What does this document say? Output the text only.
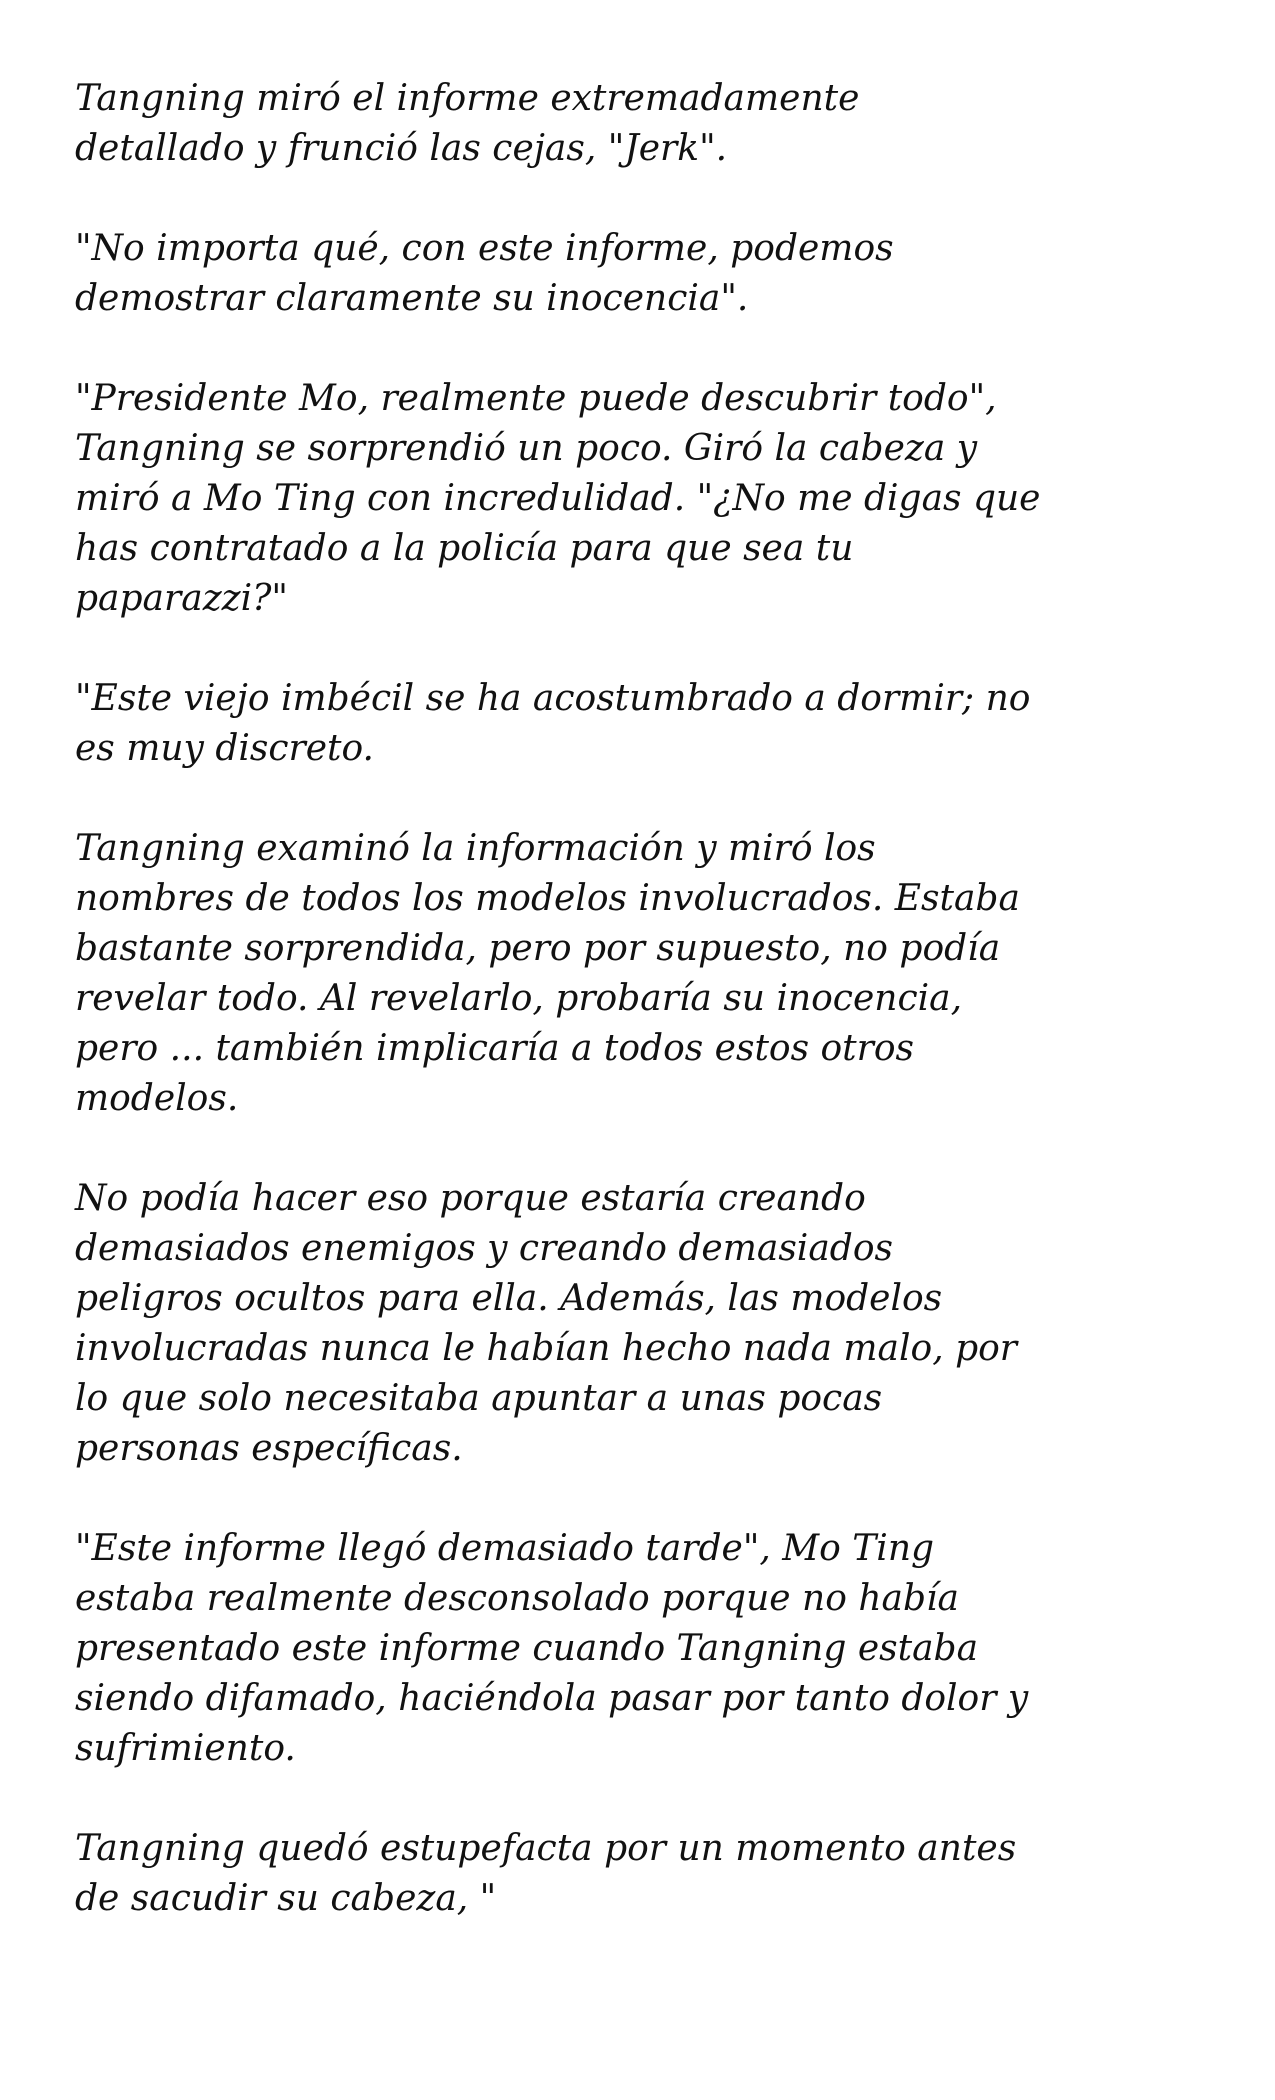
Tangning miró el informe extremadamente
detallado y frunció las cejas, "Jerk".

"No importa qué, con este informe, podemos
demostrar claramente su inocencia".

"Presidente Mo, realmente puede descubrir todo",
Tangning se sorprendió un poco. Giró la cabeza y
miró a Mo Ting con incredulidad. "¿No me digas que
has contratado a la policía para que sea tu
paparazzi?"

"Este viejo imbécil se ha acostumbrado a dormir; no
es muy discreto.

Tangning examinó la información y miró los
nombres de todos los modelos involucrados. Estaba
bastante sorprendida, pero por supuesto, no podía
revelar todo. Al revelarlo, probaría su inocencia,
pero ... también implicaría a todos estos otros
modelos.

No podía hacer eso porque estaría creando
demasiados enemigos y creando demasiados
peligros ocultos para ella. Además, las modelos
involucradas nunca le habían hecho nada malo, por
lo que solo necesitaba apuntar a unas pocas
personas específicas.

"Este informe llegó demasiado tarde", Mo Ting
estaba realmente desconsolado porque no había
presentado este informe cuando Tangning estaba
siendo difamado, haciéndola pasar por tanto dolor y
sufrimiento.

Tangning quedó estupefacta por un momento antes
de sacudir su cabeza, "
